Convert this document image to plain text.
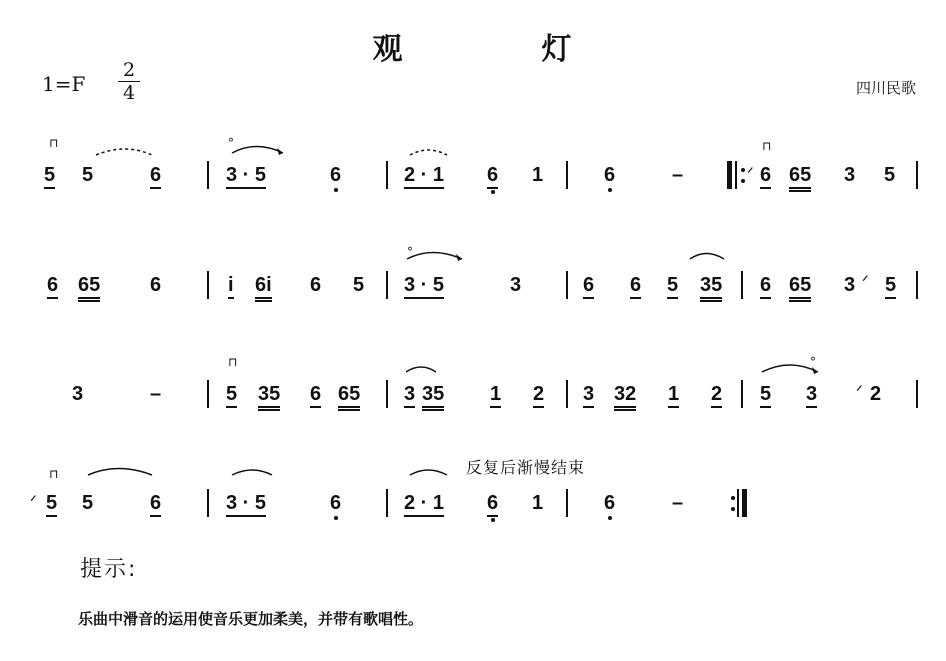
观	灯
1=F
2
4	四川民歌
⊓
5 5	6
°
3 · 5	6	2 · 1 6 1	6	–	ᐟ
⊓
6 65 3 5
6 65 6	i 6i 6 5
°
3 · 5	3	6 6 5 35 6 65 3 ᐟ 5
3	–
⊓
5 35 6 65 3 35 1 2 3 32 1 2 5
°
3 ᐟ 2
反复后渐慢结束
⊓
ᐟ 5 5	6	3 · 5	6	2 · 1 6 1	6	–
提示:
乐曲中滑音的运用使音乐更加柔美，并带有歌唱性。
